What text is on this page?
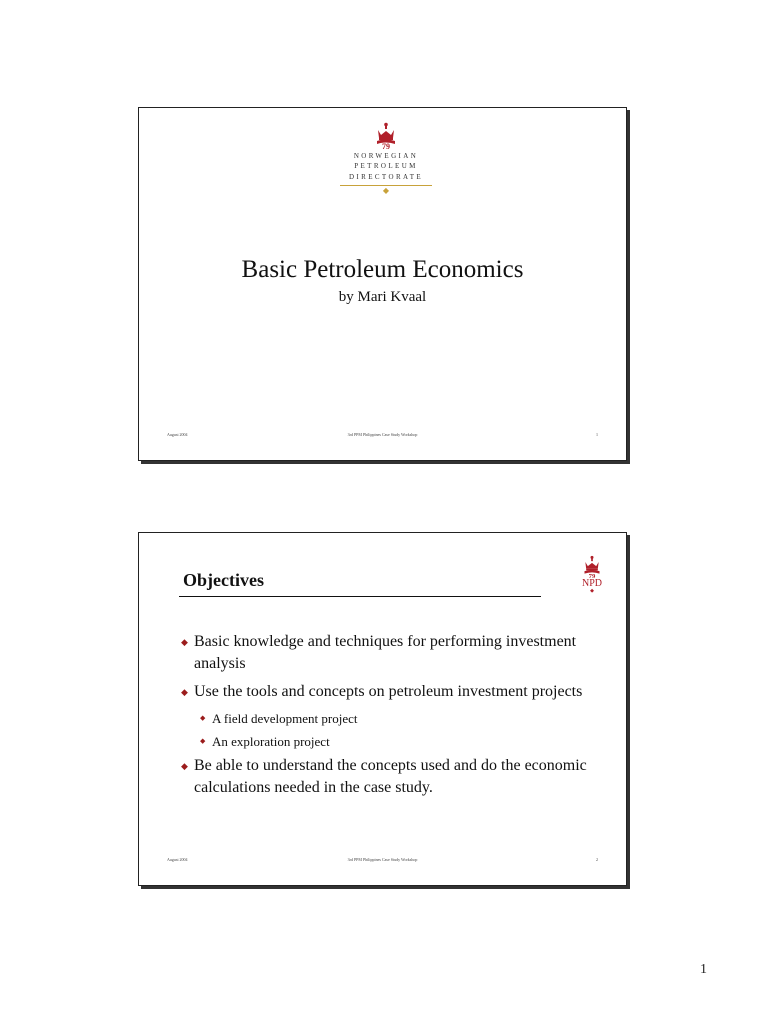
79
NORWEGIAN PETROLEUM
DIRECTORATE
◆
Basic Petroleum Economics
by Mari Kvaal
August 2004	3rd PPM Philippines Case Study Workshop	1
Objectives	79
NPD
◆
◆ Basic knowledge and techniques for performing investment analysis
◆ Use the tools and concepts on petroleum investment projects
◆ A field development project
◆ An exploration project
◆ Be able to understand the concepts used and do the economic calculations needed in the case study.
August 2004	3rd PPM Philippines Case Study Workshop	2
1
